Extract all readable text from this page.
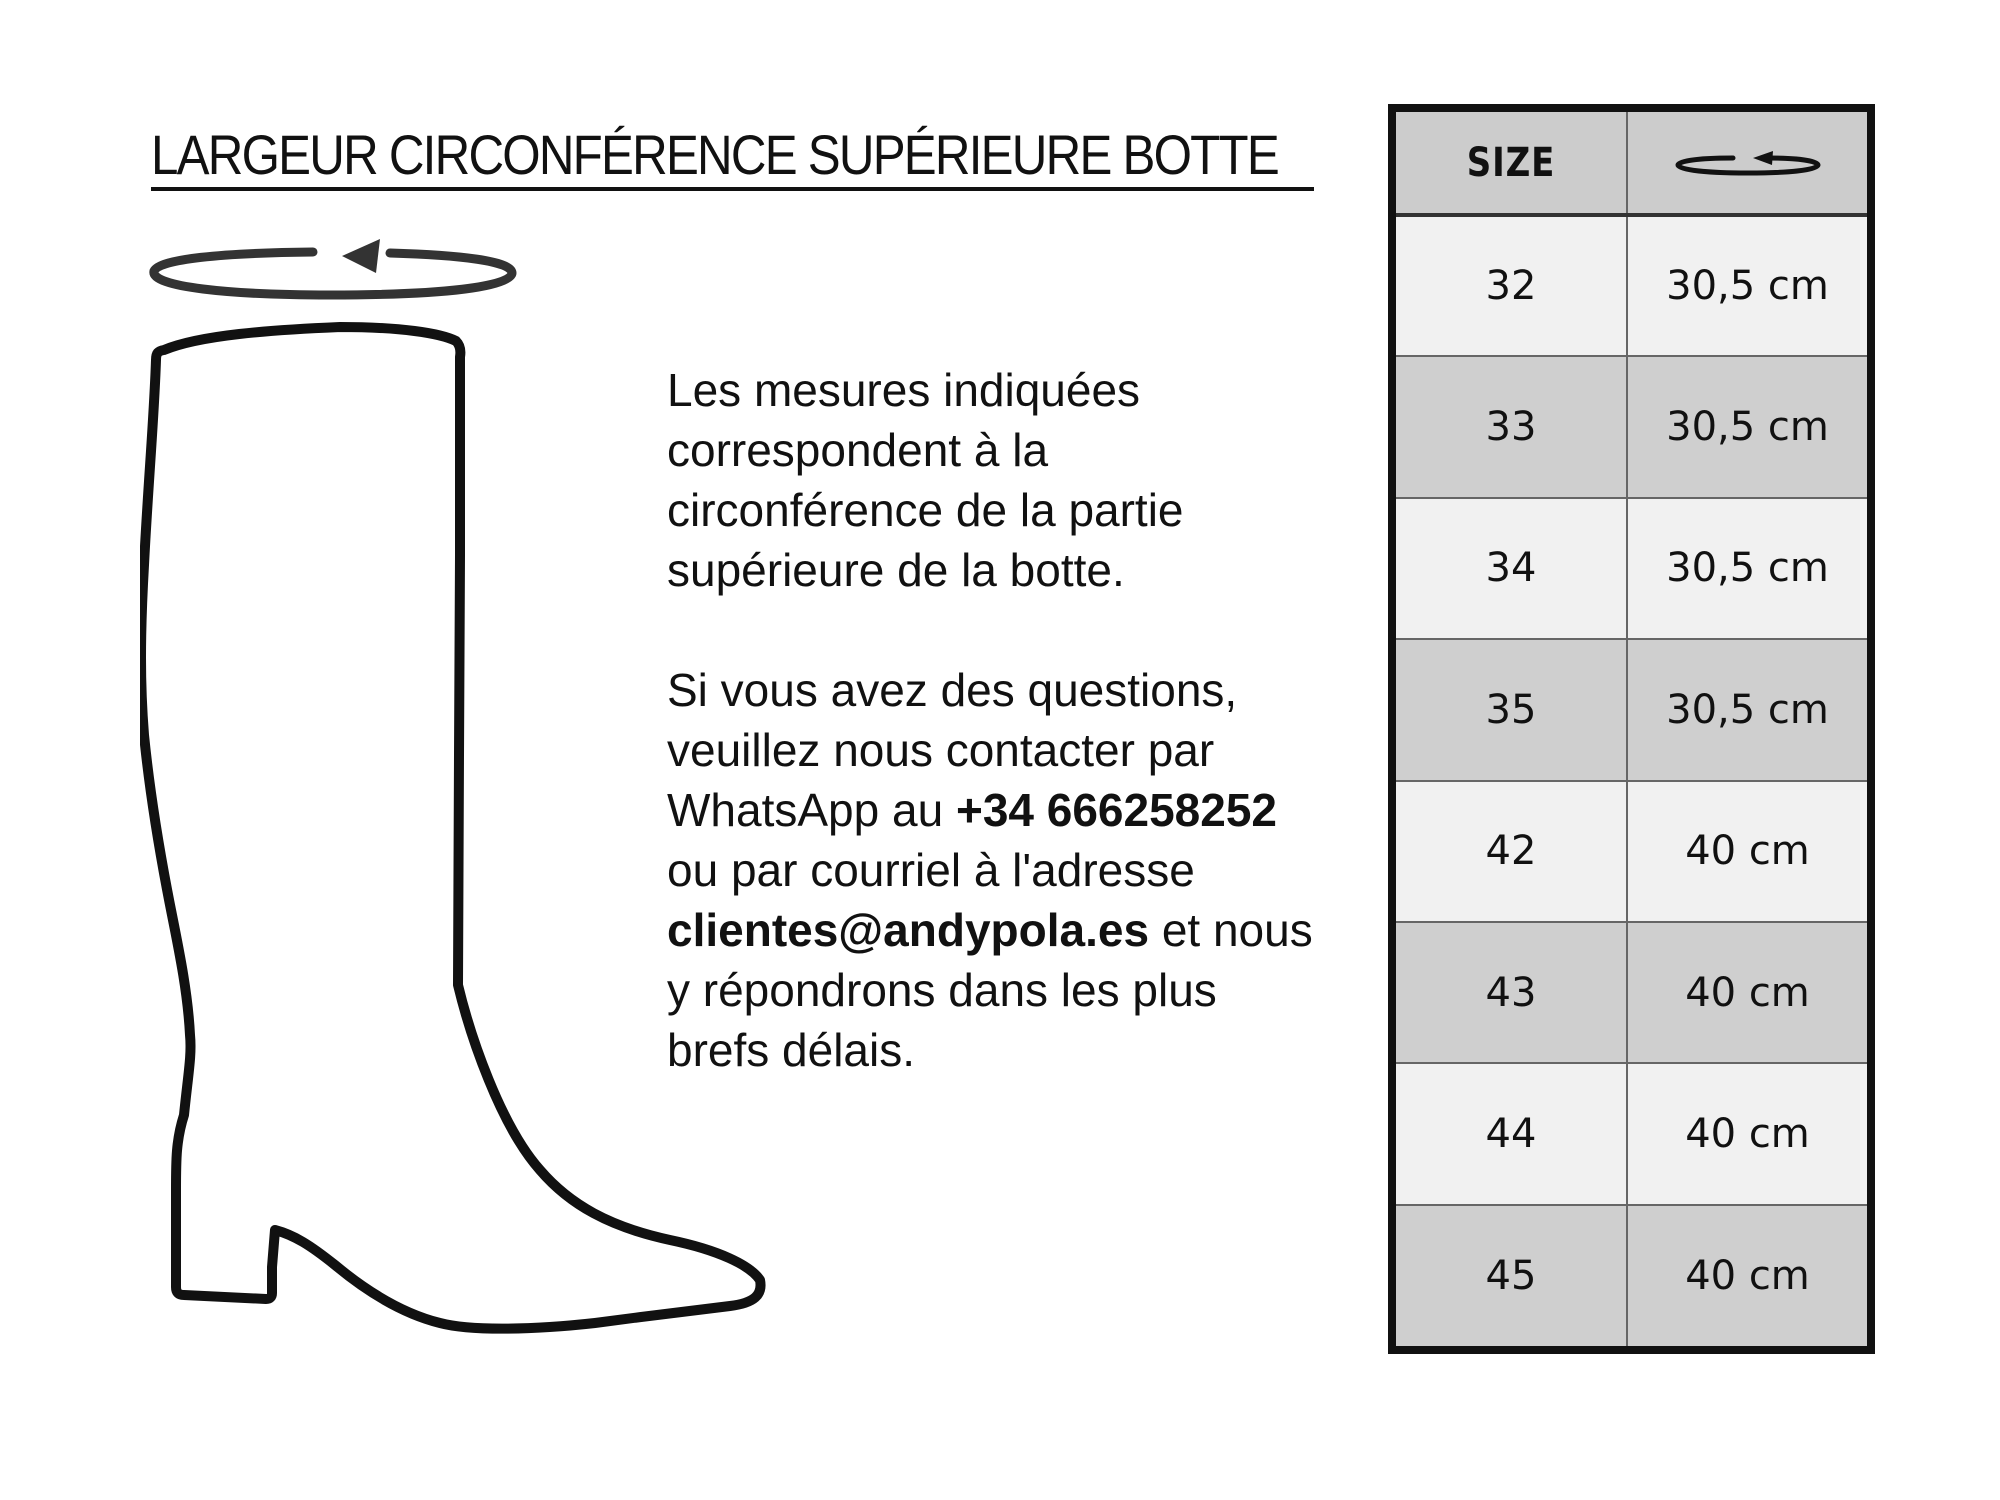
LARGEUR CIRCONFÉRENCE SUPÉRIEURE BOTTE

Les mesures indiquées correspondent à la circonférence de la partie supérieure de la botte.

Si vous avez des questions, veuillez nous contacter par WhatsApp au +34 666258252 ou par courriel à l'adresse clientes@andypola.es et nous y répondrons dans les plus brefs délais.

SIZE	
32	30,5 cm
33	30,5 cm
34	30,5 cm
35	30,5 cm
42	40 cm
43	40 cm
44	40 cm
45	40 cm
